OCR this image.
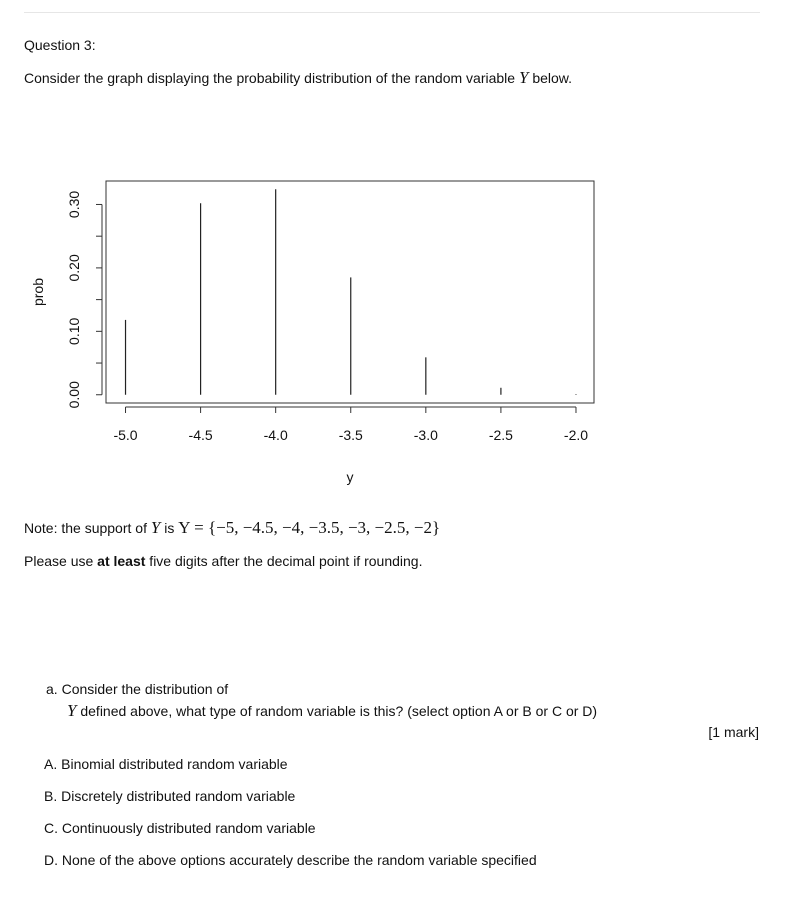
Question 3:
Consider the graph displaying the probability distribution of the random variable Y below.
-5.0	-4.5	-4.0	-3.5	-3.0	-2.5	-2.0
0.00
0.10
0.20
0.30
y
prob
Note: the support of Y is Y = {−5, −4.5, −4, −3.5, −3, −2.5, −2}
Please use at least five digits after the decimal point if rounding.
a. Consider the distribution of
Y defined above, what type of random variable is this? (select option A or B or C or D)
[1 mark]
A. Binomial distributed random variable
B. Discretely distributed random variable
C. Continuously distributed random variable
D. None of the above options accurately describe the random variable specified
